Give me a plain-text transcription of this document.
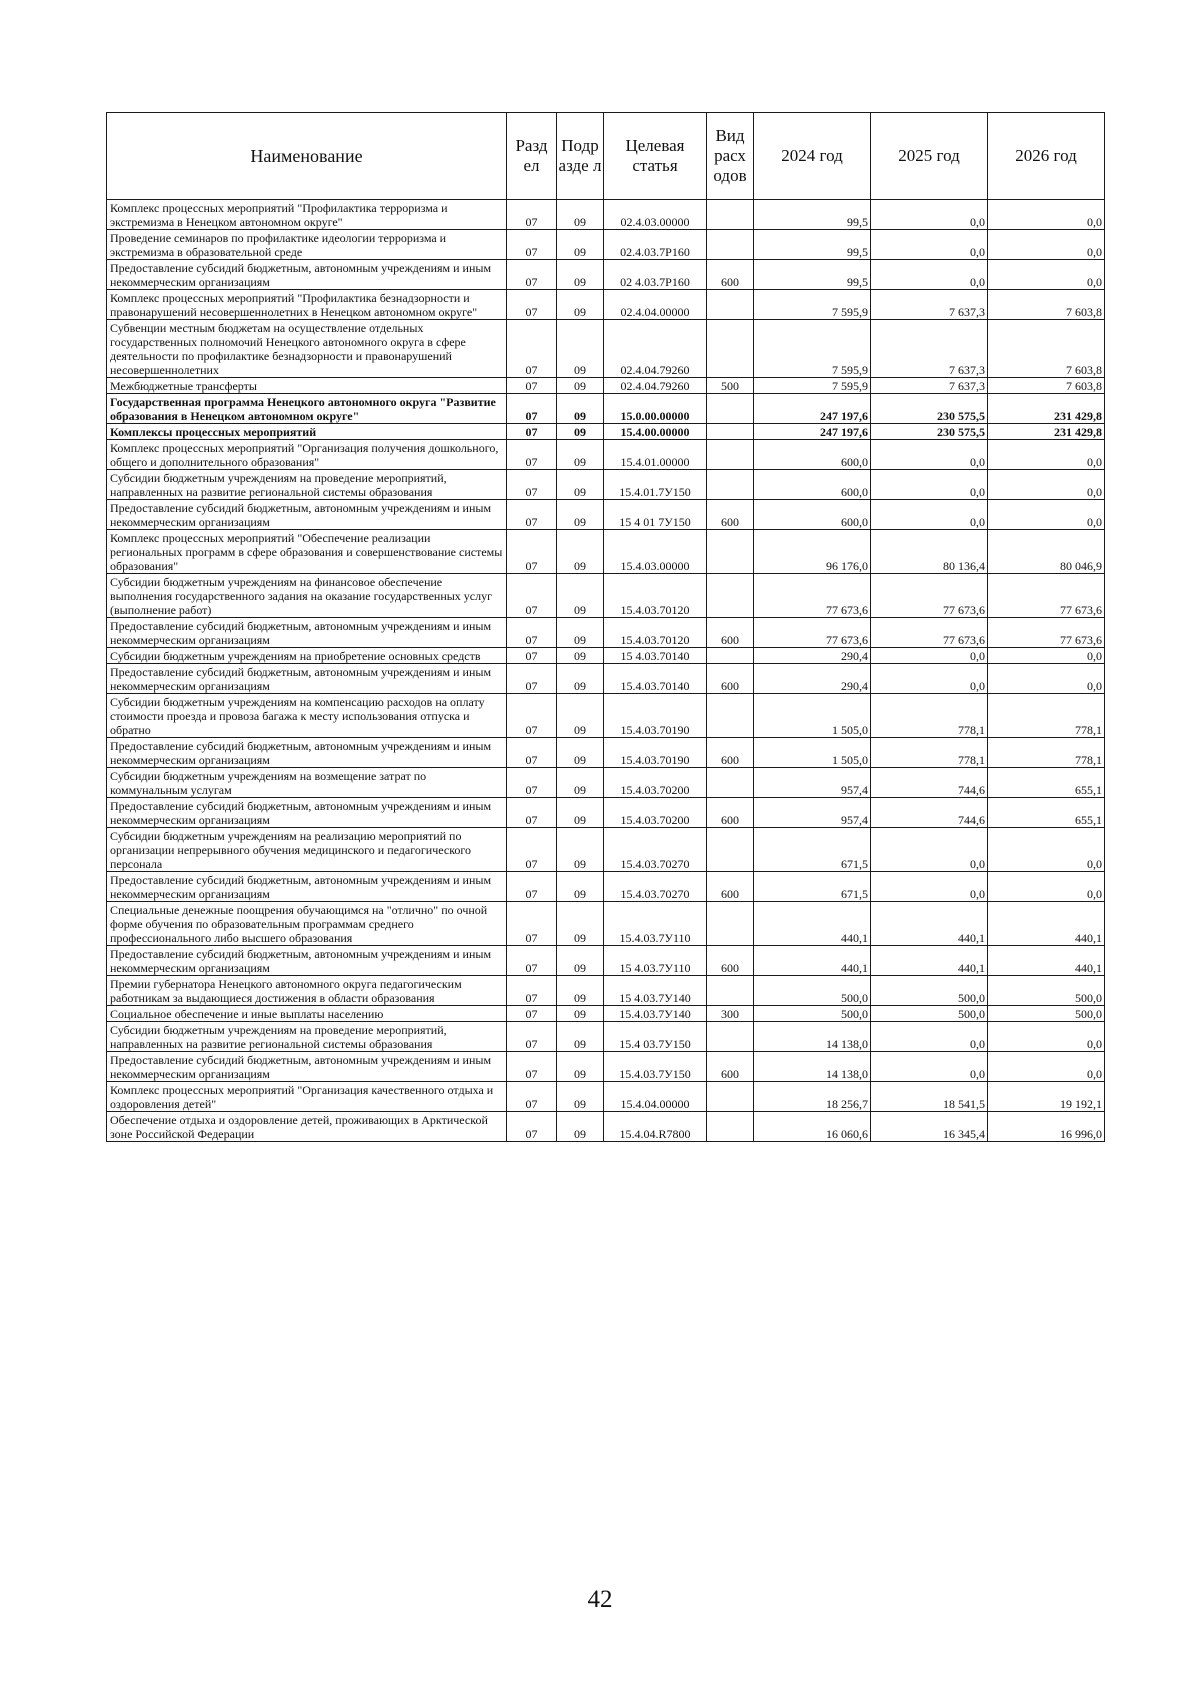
Наименование	Разд ел	Подр азде л	Целевая статья	Вид расх одов	2024 год	2025 год	2026 год
Комплекс процессных мероприятий "Профилактика терроризма и экстремизма в Ненецком автономном округе"	07	09	02.4.03.00000		99,5	0,0	0,0
Проведение семинаров по профилактике идеологии терроризма и экстремизма в образовательной среде	07	09	02.4.03.7Р160		99,5	0,0	0,0
Предоставление субсидий бюджетным, автономным учреждениям и иным некоммерческим организациям	07	09	02 4.03.7Р160	600	99,5	0,0	0,0
Комплекс процессных мероприятий "Профилактика безнадзорности и правонарушений несовершеннолетних в Ненецком автономном округе"	07	09	02.4.04.00000		7 595,9	7 637,3	7 603,8
Субвенции местным бюджетам на осуществление отдельных государственных полномочий Ненецкого автономного округа в сфере деятельности по профилактике безнадзорности и правонарушений несовершеннолетних	07	09	02.4.04.79260		7 595,9	7 637,3	7 603,8
Межбюджетные трансферты	07	09	02.4.04.79260	500	7 595,9	7 637,3	7 603,8
Государственная программа Ненецкого автономного округа "Развитие образования в Ненецком автономном округе"	07	09	15.0.00.00000		247 197,6	230 575,5	231 429,8
Комплексы процессных мероприятий	07	09	15.4.00.00000		247 197,6	230 575,5	231 429,8
Комплекс процессных мероприятий "Организация получения дошкольного, общего и дополнительного образования"	07	09	15.4.01.00000		600,0	0,0	0,0
Субсидии бюджетным учреждениям на проведение мероприятий, направленных на развитие региональной системы образования	07	09	15.4.01.7У150		600,0	0,0	0,0
Предоставление субсидий бюджетным, автономным учреждениям и иным некоммерческим организациям	07	09	15 4 01 7У150	600	600,0	0,0	0,0
Комплекс процессных мероприятий "Обеспечение реализации региональных программ в сфере образования и совершенствование системы образования"	07	09	15.4.03.00000		96 176,0	80 136,4	80 046,9
Субсидии бюджетным учреждениям на финансовое обеспечение выполнения государственного задания на оказание государственных услуг (выполнение работ)	07	09	15.4.03.70120		77 673,6	77 673,6	77 673,6
Предоставление субсидий бюджетным, автономным учреждениям и иным некоммерческим организациям	07	09	15.4.03.70120	600	77 673,6	77 673,6	77 673,6
Субсидии бюджетным учреждениям на приобретение основных средств	07	09	15 4.03.70140		290,4	0,0	0,0
Предоставление субсидий бюджетным, автономным учреждениям и иным некоммерческим организациям	07	09	15.4.03.70140	600	290,4	0,0	0,0
Субсидии бюджетным учреждениям на компенсацию расходов на оплату стоимости проезда и провоза багажа к месту использования отпуска и обратно	07	09	15.4.03.70190		1 505,0	778,1	778,1
Предоставление субсидий бюджетным, автономным учреждениям и иным некоммерческим организациям	07	09	15.4.03.70190	600	1 505,0	778,1	778,1
Субсидии бюджетным учреждениям на возмещение затрат по коммунальным услугам	07	09	15.4.03.70200		957,4	744,6	655,1
Предоставление субсидий бюджетным, автономным учреждениям и иным некоммерческим организациям	07	09	15.4.03.70200	600	957,4	744,6	655,1
Субсидии бюджетным учреждениям на реализацию мероприятий по организации непрерывного обучения медицинского и педагогического персонала	07	09	15.4.03.70270		671,5	0,0	0,0
Предоставление субсидий бюджетным, автономным учреждениям и иным некоммерческим организациям	07	09	15.4.03.70270	600	671,5	0,0	0,0
Специальные денежные поощрения обучающимся на "отлично" по очной форме обучения по образовательным программам среднего профессионального либо высшего образования	07	09	15.4.03.7У110		440,1	440,1	440,1
Предоставление субсидий бюджетным, автономным учреждениям и иным некоммерческим организациям	07	09	15 4.03.7У110	600	440,1	440,1	440,1
Премии губернатора Ненецкого автономного округа педагогическим работникам за выдающиеся достижения в области образования	07	09	15 4.03.7У140		500,0	500,0	500,0
Социальное обеспечение и иные выплаты населению	07	09	15.4.03.7У140	300	500,0	500,0	500,0
Субсидии бюджетным учреждениям на проведение мероприятий, направленных на развитие региональной системы образования	07	09	15.4 03.7У150		14 138,0	0,0	0,0
Предоставление субсидий бюджетным, автономным учреждениям и иным некоммерческим организациям	07	09	15.4.03.7У150	600	14 138,0	0,0	0,0
Комплекс процессных мероприятий "Организация качественного отдыха и оздоровления детей"	07	09	15.4.04.00000		18 256,7	18 541,5	19 192,1
Обеспечение отдыха и оздоровление детей, проживающих в Арктической зоне Российской Федерации	07	09	15.4.04.R7800		16 060,6	16 345,4	16 996,0
42
